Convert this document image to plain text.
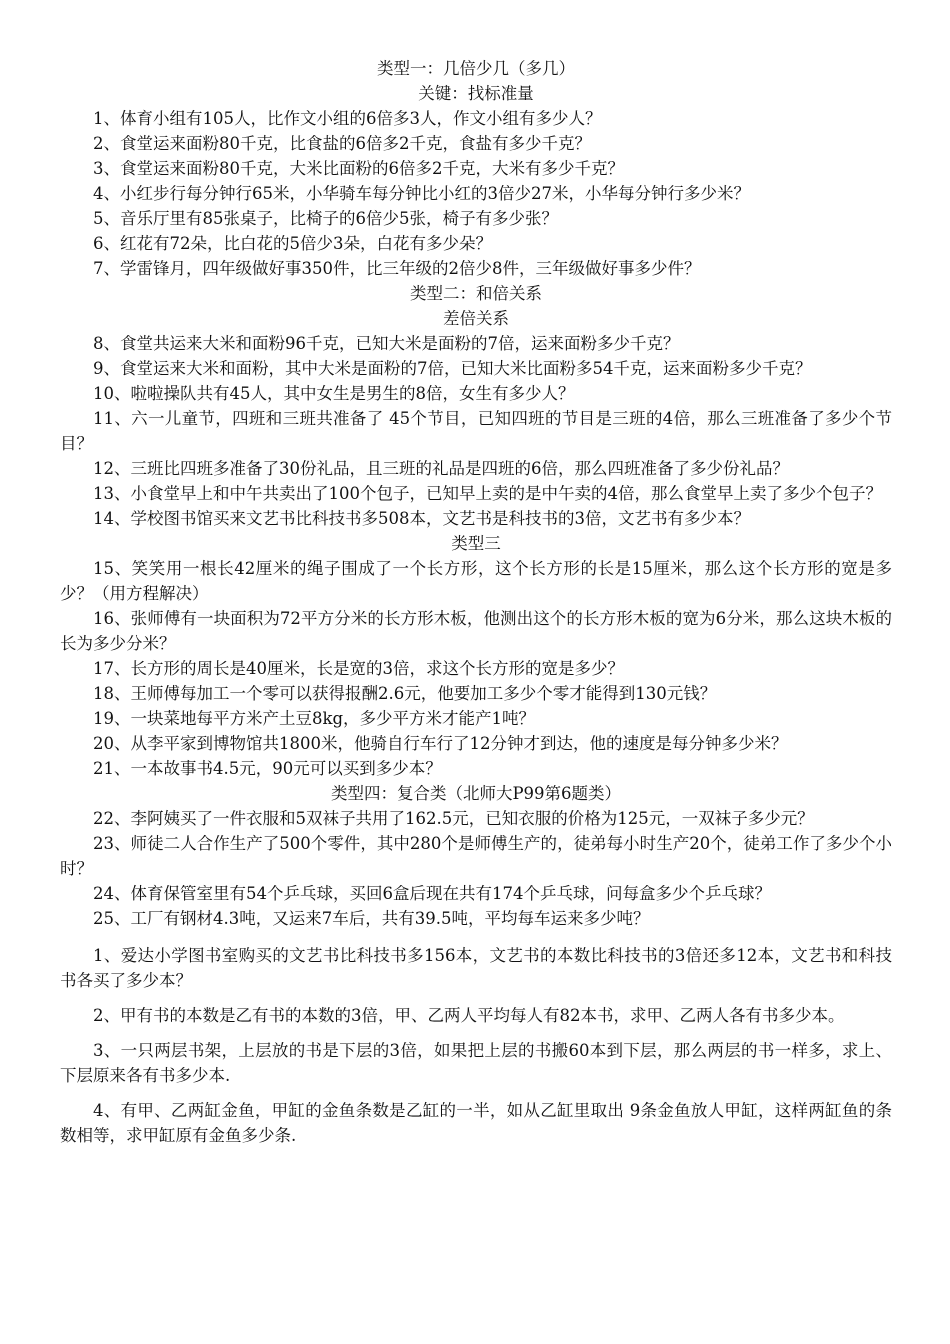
类型一：几倍少几（多几）

关键：找标准量

1、体育小组有105人，比作文小组的6倍多3人，作文小组有多少人？

2、食堂运来面粉80千克，比食盐的6倍多2千克，食盐有多少千克？

3、食堂运来面粉80千克，大米比面粉的6倍多2千克，大米有多少千克？

4、小红步行每分钟行65米，小华骑车每分钟比小红的3倍少27米，小华每分钟行多少米？

5、音乐厅里有85张桌子，比椅子的6倍少5张，椅子有多少张？

6、红花有72朵，比白花的5倍少3朵，白花有多少朵？

7、学雷锋月，四年级做好事350件，比三年级的2倍少8件，三年级做好事多少件？

类型二：和倍关系

差倍关系

8、食堂共运来大米和面粉96千克，已知大米是面粉的7倍，运来面粉多少千克？

9、食堂运来大米和面粉，其中大米是面粉的7倍，已知大米比面粉多54千克，运来面粉多少千克？

10、啦啦操队共有45人，其中女生是男生的8倍，女生有多少人？

11、六一儿童节，四班和三班共准备了 45个节目，已知四班的节目是三班的4倍，那么三班准备了多少个节目？

12、三班比四班多准备了30份礼品，且三班的礼品是四班的6倍，那么四班准备了多少份礼品？

13、小食堂早上和中午共卖出了100个包子，已知早上卖的是中午卖的4倍，那么食堂早上卖了多少个包子？

14、学校图书馆买来文艺书比科技书多508本，文艺书是科技书的3倍，文艺书有多少本？

类型三

15、笑笑用一根长42厘米的绳子围成了一个长方形，这个长方形的长是15厘米，那么这个长方形的宽是多少？（用方程解决）

16、张师傅有一块面积为72平方分米的长方形木板，他测出这个的长方形木板的宽为6分米，那么这块木板的长为多少分米？

17、长方形的周长是40厘米，长是宽的3倍，求这个长方形的宽是多少？

18、王师傅每加工一个零可以获得报酬2.6元，他要加工多少个零才能得到130元钱？

19、一块菜地每平方米产土豆8kg，多少平方米才能产1吨？

20、从李平家到博物馆共1800米，他骑自行车行了12分钟才到达，他的速度是每分钟多少米？

21、一本故事书4.5元，90元可以买到多少本？

类型四：复合类（北师大P99第6题类）

22、李阿姨买了一件衣服和5双袜子共用了162.5元，已知衣服的价格为125元，一双袜子多少元？

23、师徒二人合作生产了500个零件，其中280个是师傅生产的，徒弟每小时生产20个，徒弟工作了多少个小时？

24、体育保管室里有54个乒乓球，买回6盒后现在共有174个乒乓球，问每盒多少个乒乓球？

25、工厂有钢材4.3吨，又运来7车后，共有39.5吨，平均每车运来多少吨？

1、爱达小学图书室购买的文艺书比科技书多156本，文艺书的本数比科技书的3倍还多12本，文艺书和科技书各买了多少本？

2、甲有书的本数是乙有书的本数的3倍，甲、乙两人平均每人有82本书，求甲、乙两人各有书多少本。

3、一只两层书架，上层放的书是下层的3倍，如果把上层的书搬60本到下层，那么两层的书一样多，求上、下层原来各有书多少本.

4、有甲、乙两缸金鱼，甲缸的金鱼条数是乙缸的一半，如从乙缸里取出 9条金鱼放人甲缸，这样两缸鱼的条数相等，求甲缸原有金鱼多少条.
